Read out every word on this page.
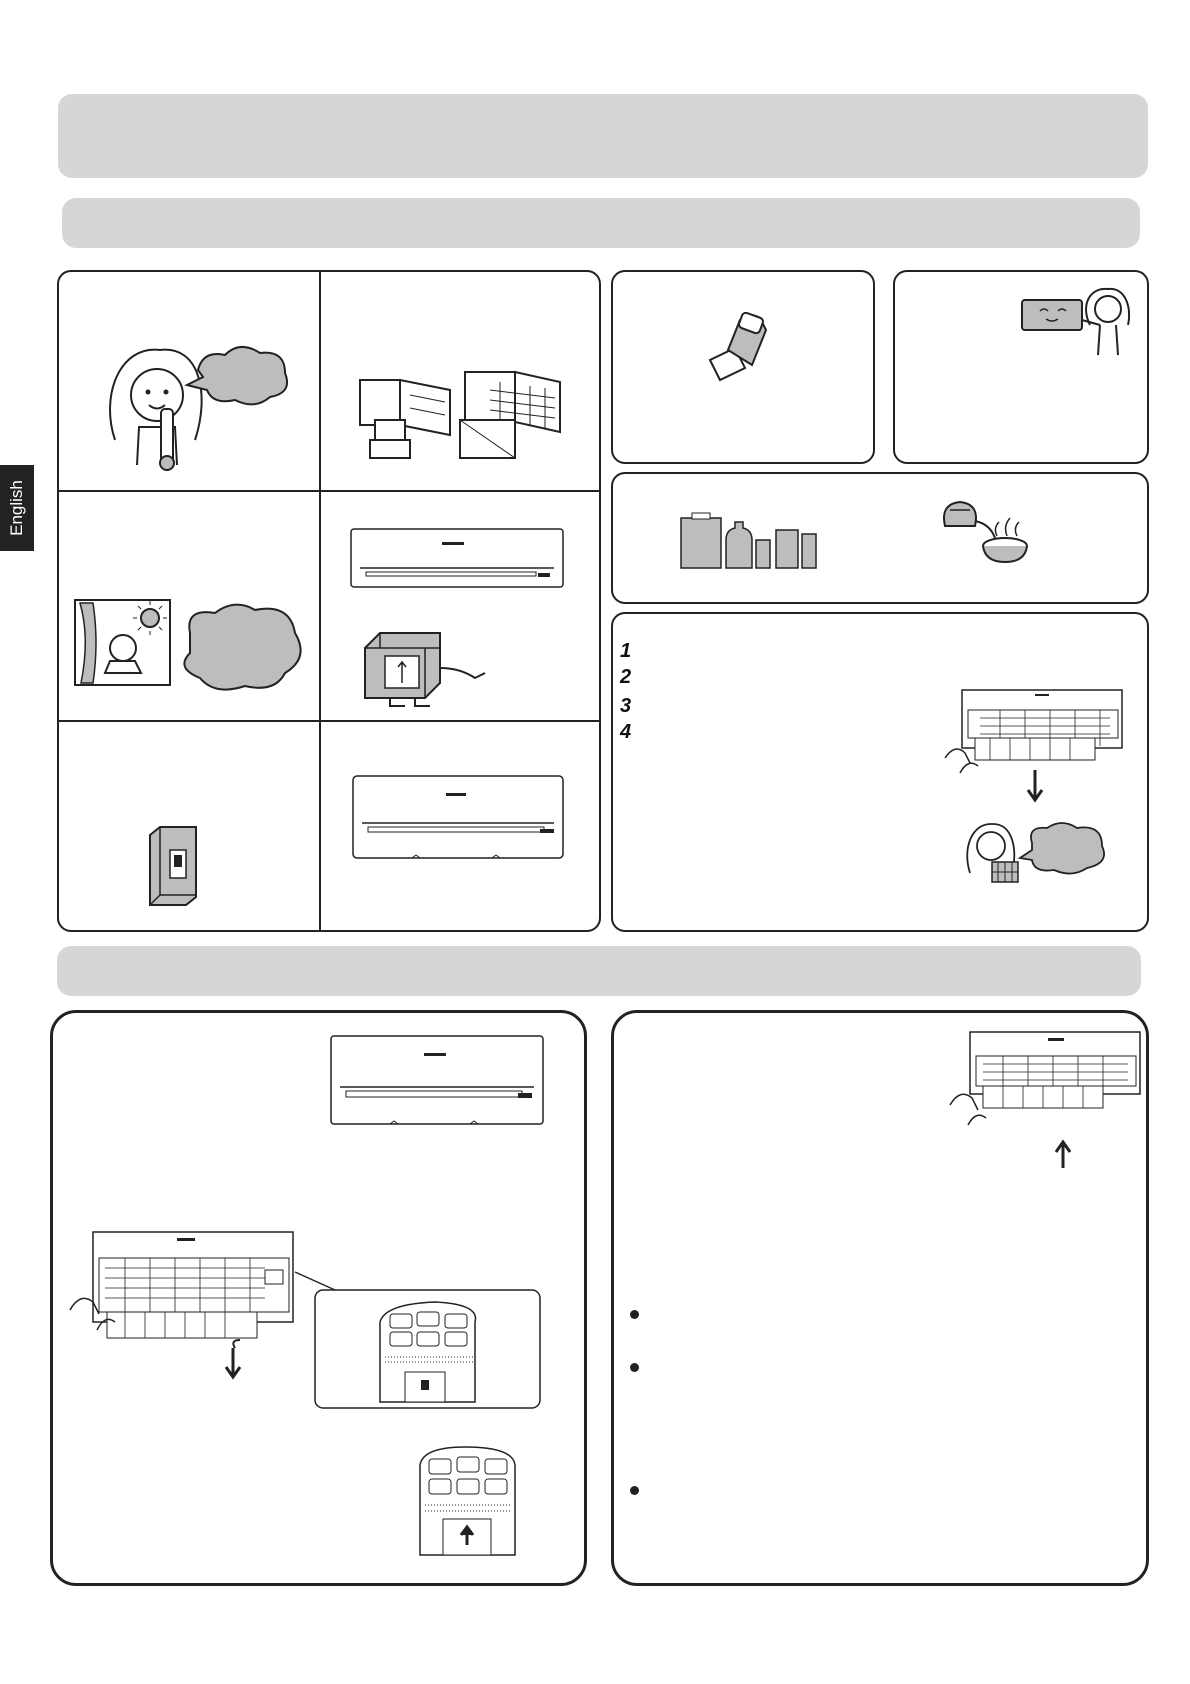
English
1
2
3
4
